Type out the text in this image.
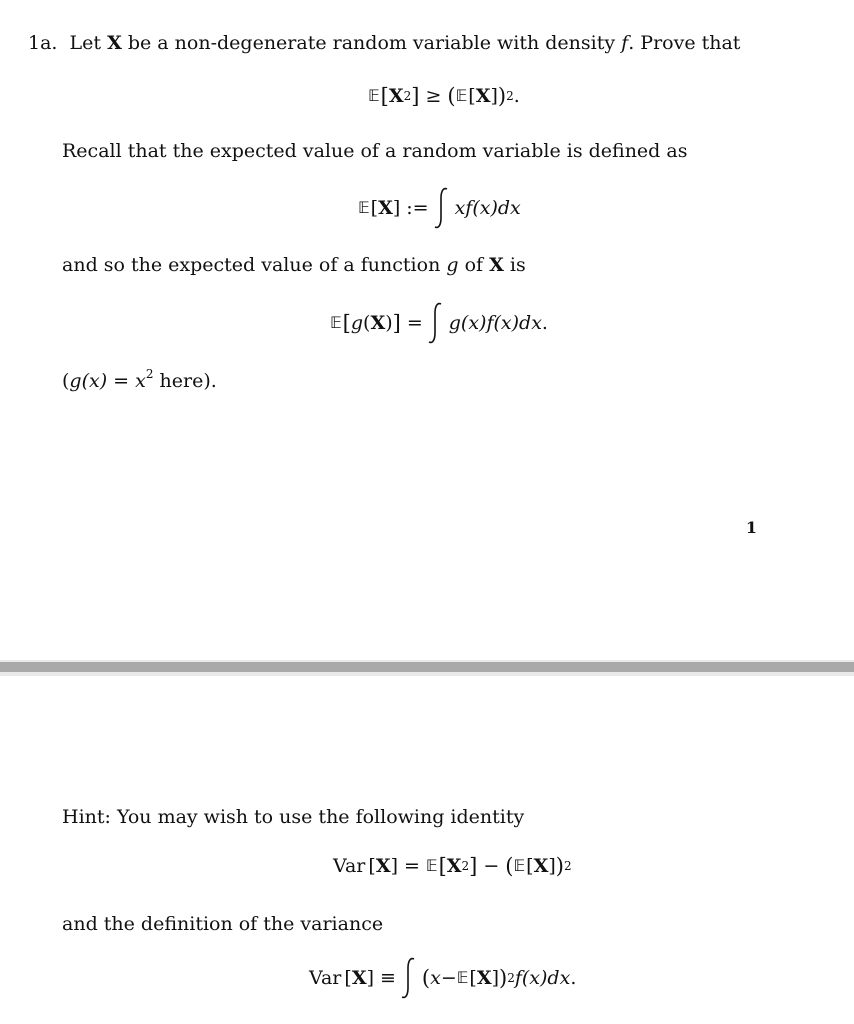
1a. Let X be a non-degenerate random variable with density f. Prove that
𝔼 [ X 2 ] ≥ ( 𝔼 [ X ] ) 2 .
Recall that the expected value of a random variable is defined as
𝔼 [ X ] := xf(x)dx
and so the expected value of a function g of X is
𝔼 [ g ( X ) ] = g(x)f(x)dx .
($g(x) = x^2$ here).
1
Hint: You may wish to use the following identity
Var [ X ] = 𝔼 [ X 2 ] − ( 𝔼 [ X ] ) 2
and the definition of the variance
Var [ X ] ≡ ( x − 𝔼 [ X ] ) 2 f(x)dx .
